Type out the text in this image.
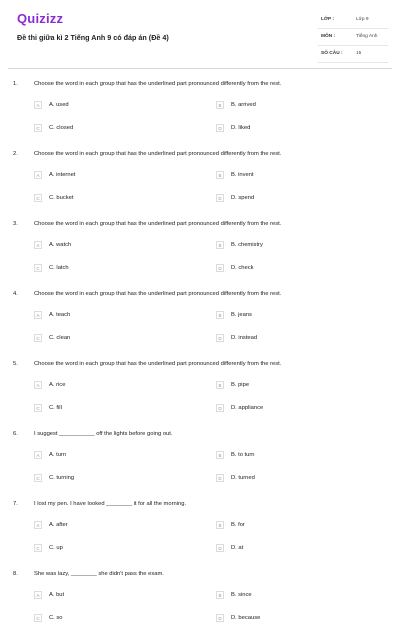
Quizizz
Đề thi giữa kì 2 Tiếng Anh 9 có đáp án (Đề 4)
LỚP :	Lớp 9
MÔN :	Tiếng Anh
SỐ CÂU :	15
1.	Choose the word in each group that has the underlined part pronounced differently from the rest.
A	A. used	B	B. arrived
C	C. closed	D	D. liked
2.	Choose the word in each group that has the underlined part pronounced differently from the rest.
A	A. internet	B	B. invent
C	C. bucket	D	D. spend
3.	Choose the word in each group that has the underlined part pronounced differently from the rest.
A	A. watch	B	B. chemistry
C	C. latch	D	D. check
4.	Choose the word in each group that has the underlined part pronounced differently from the rest.
A	A. teach	B	B. jeans
C	C. clean	D	D. instead
5.	Choose the word in each group that has the underlined part pronounced differently from the rest.
A	A. rice	B	B. pipe
C	C. fill	D	D. appliance
6.	I suggest ___________ off the lights before going out.
A	A. turn	B	B. to turn
C	C. turning	D	D. turned
7.	I lost my pen. I have looked ________ it for all the morning.
A	A. after	B	B. for
C	C. up	D	D. at
8.	She was lazy, ________ she didn't pass the exam.
A	A. but	B	B. since
C	C. so	D	D. because
